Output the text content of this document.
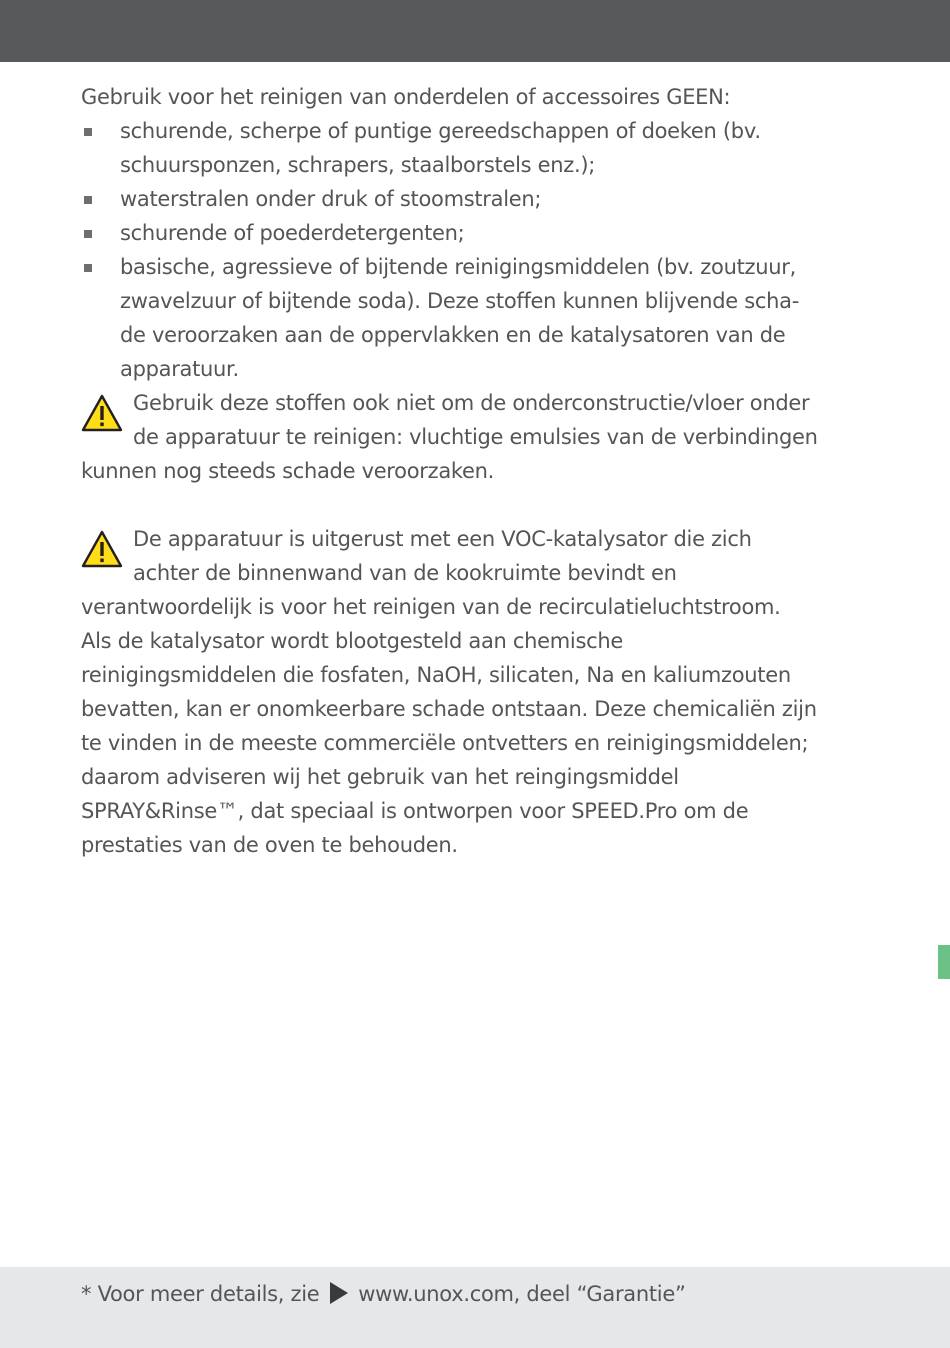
Gebruik voor het reinigen van onderdelen of accessoires GEEN:

schurende, scherpe of puntige gereedschappen of doeken (bv.
schuursponzen, schrapers, staalborstels enz.);
waterstralen onder druk of stoomstralen;
schurende of poederdetergenten;
basische, agressieve of bijtende reinigingsmiddelen (bv. zoutzuur,
zwavelzuur of bijtende soda). Deze stoffen kunnen blijvende scha-
de veroorzaken aan de oppervlakken en de katalysatoren van de
apparatuur.
Gebruik deze stoffen ook niet om de onderconstructie/vloer onder
de apparatuur te reinigen: vluchtige emulsies van de verbindingen
kunnen nog steeds schade veroorzaken.
De apparatuur is uitgerust met een VOC-katalysator die zich
achter de binnenwand van de kookruimte bevindt en
verantwoordelijk is voor het reinigen van de recirculatieluchtstroom.
Als de katalysator wordt blootgesteld aan chemische
reinigingsmiddelen die fosfaten, NaOH, silicaten, Na en kaliumzouten
bevatten, kan er onomkeerbare schade ontstaan. Deze chemicaliën zijn
te vinden in de meeste commerciële ontvetters en reinigingsmiddelen;
daarom adviseren wij het gebruik van het reingingsmiddel
SPRAY&Rinse™, dat speciaal is ontworpen voor SPEED.Pro om de
prestaties van de oven te behouden.
* Voor meer details, zie www.unox.com, deel “Garantie”
